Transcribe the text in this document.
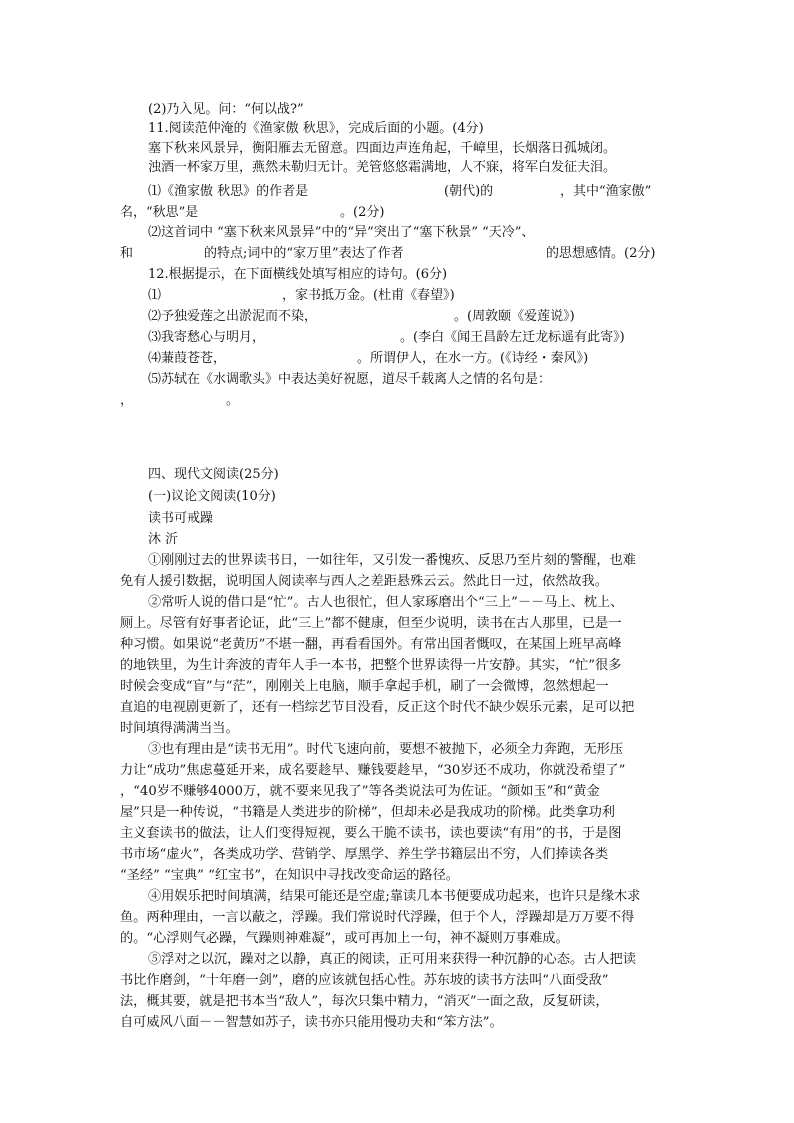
(2)乃入见。问：“何以战?”
11.阅读范仲淹的《渔家傲 秋思》，完成后面的小题。(4分)
塞下秋来风景异，衡阳雁去无留意。四面边声连角起，千嶂里，长烟落日孤城闭。
浊酒一杯家万里，燕然未勒归无计。羌管悠悠霜满地，人不寐，将军白发征夫泪。
⑴《渔家傲 秋思》的作者是	(朝代)的	，其中“渔家傲”
名，“秋思”是	。(2分)
⑵这首词中 “塞下秋来风景异”中的“异”突出了“塞下秋景” “天冷”、
和	的特点;词中的“家万里”表达了作者	的思想感情。(2分)
12.根据提示，在下面横线处填写相应的诗句。(6分)
⑴	，家书抵万金。(杜甫《春望》)
⑵予独爱莲之出淤泥而不染，	。(周敦颐《爱莲说》)
⑶我寄愁心与明月，	。(李白《闻王昌龄左迁龙标遥有此寄》)
⑷蒹葭苍苍，	。所谓伊人，在水一方。(《诗经・秦风》)
⑸苏轼在《水调歌头》中表达美好祝愿，道尽千载离人之情的名句是：
，	。
四、现代文阅读(25分)
(一)议论文阅读(10分)
读书可戒躁
沐 沂
①刚刚过去的世界读书日，一如往年，又引发一番愧疚、反思乃至片刻的警醒，也难
免有人援引数据，说明国人阅读率与西人之差距悬殊云云。然此日一过，依然故我。
②常听人说的借口是“忙”。古人也很忙，但人家琢磨出个“三上”－－马上、枕上、
厕上。尽管有好事者论证，此“三上”都不健康，但至少说明，读书在古人那里，已是一
种习惯。如果说“老黄历”不堪一翻，再看看国外。有常出国者慨叹，在某国上班早高峰
的地铁里，为生计奔波的青年人手一本书，把整个世界读得一片安静。其实，“忙”很多
时候会变成“盲”与“茫”，刚刚关上电脑，顺手拿起手机，刷了一会微博，忽然想起一
直追的电视剧更新了，还有一档综艺节目没看，反正这个时代不缺少娱乐元素，足可以把
时间填得满满当当。
③也有理由是“读书无用”。时代飞速向前，要想不被抛下，必须全力奔跑，无形压
力让“成功”焦虑蔓延开来，成名要趁早、赚钱要趁早，“30岁还不成功，你就没希望了”
，“40岁不赚够4000万，就不要来见我了”等各类说法可为佐证。“颜如玉”和“黄金
屋”只是一种传说，“书籍是人类进步的阶梯”，但却未必是我成功的阶梯。此类拿功利
主义套读书的做法，让人们变得短视，要么干脆不读书，读也要读“有用”的书，于是图
书市场“虚火”，各类成功学、营销学、厚黑学、养生学书籍层出不穷，人们捧读各类
“圣经” “宝典” “红宝书”，在知识中寻找改变命运的路径。
④用娱乐把时间填满，结果可能还是空虚;靠读几本书便要成功起来，也许只是缘木求
鱼。两种理由，一言以蔽之，浮躁。我们常说时代浮躁，但于个人，浮躁却是万万要不得
的。“心浮则气必躁，气躁则神难凝”，或可再加上一句，神不凝则万事难成。
⑤浮对之以沉，躁对之以静，真正的阅读，正可用来获得一种沉静的心态。古人把读
书比作磨剑，“十年磨一剑”，磨的应该就包括心性。苏东坡的读书方法叫“八面受敌”
法，概其要，就是把书本当“敌人”，每次只集中精力，“消灭”一面之敌，反复研读，
自可威风八面－－智慧如苏子，读书亦只能用慢功夫和“笨方法”。
